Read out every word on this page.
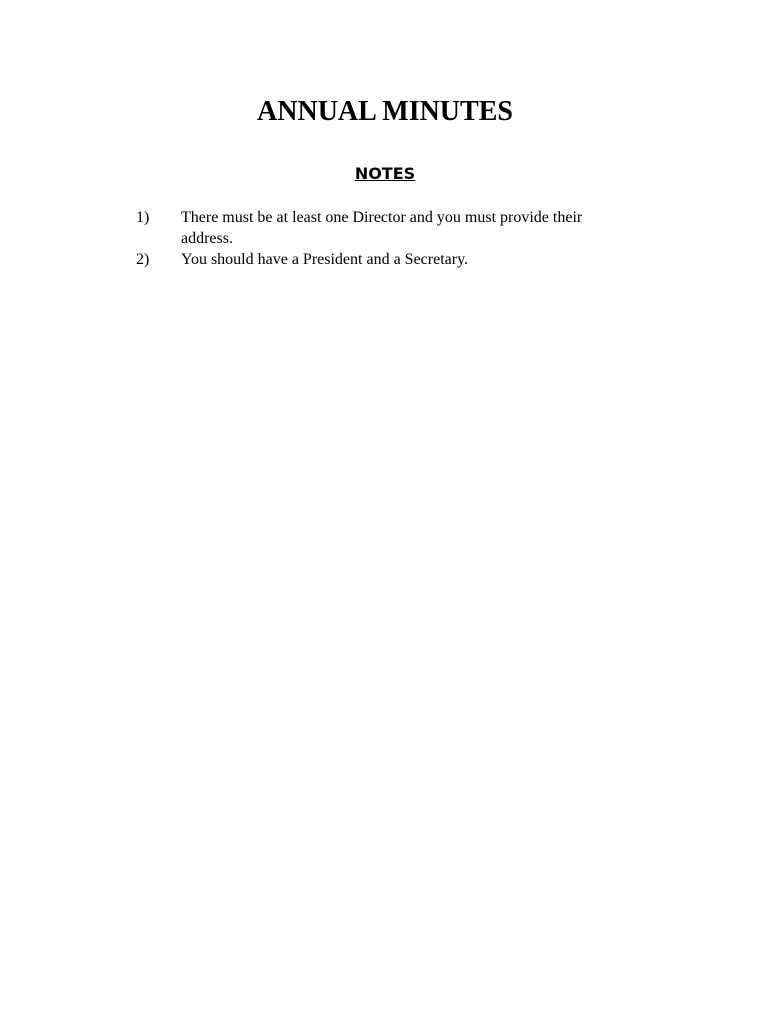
ANNUAL MINUTES
NOTES
1)	There must be at least one Director and you must provide their address.
2)	You should have a President and a Secretary.
